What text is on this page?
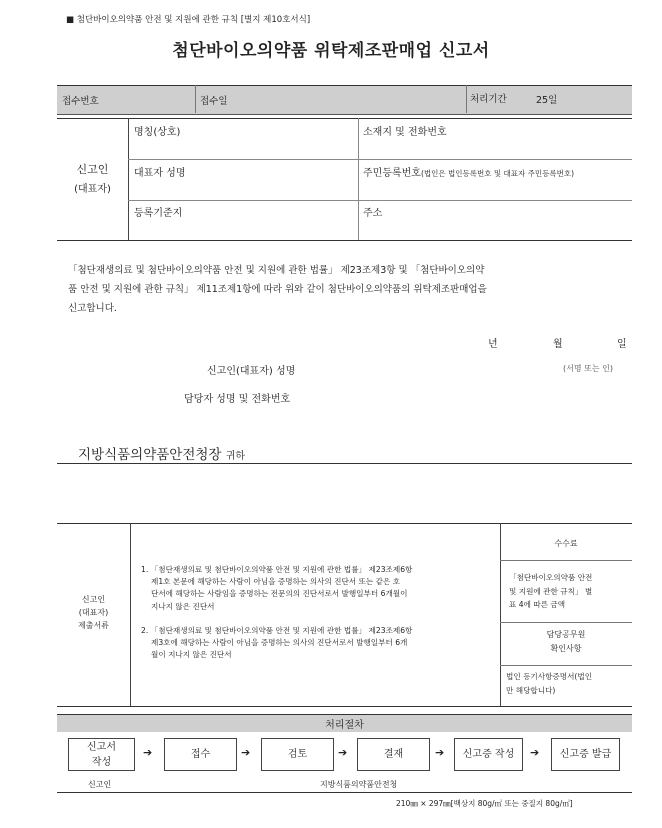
■ 첨단바이오의약품 안전 및 지원에 관한 규칙 [별지 제10호서식]
첨단바이오의약품 위탁제조판매업 신고서
접수번호	접수일	처리기간	25일
신고인
(대표자)
명칭(상호)	소재지 및 전화번호
대표자 성명	주민등록번호(법인은 법인등록번호 및 대표자 주민등록번호)
등록기준지	주소
「첨단재생의료 및 첨단바이오의약품 안전 및 지원에 관한 법률」 제23조제3항 및 「첨단바이오의약
품 안전 및 지원에 관한 규칙」 제11조제1항에 따라 위와 같이 첨단바이오의약품의 위탁제조판매업을
신고합니다.
년	월	일
신고인(대표자) 성명	(서명 또는 인)
담당자 성명 및 전화번호
지방식품의약품안전청장 귀하
신고인
(대표자)
제출서류
1. 「첨단재생의료 및 첨단바이오의약품 안전 및 지원에 관한 법률」 제23조제6항
제1호 본문에 해당하는 사람이 아님을 증명하는 의사의 진단서 또는 같은 호
단서에 해당하는 사람임을 증명하는 전문의의 진단서로서 발행일부터 6개월이
지나지 않은 진단서
2. 「첨단재생의료 및 첨단바이오의약품 안전 및 지원에 관한 법률」 제23조제6항
제3호에 해당하는 사람이 아님을 증명하는 의사의 진단서로서 발행일부터 6개
월이 지나지 않은 진단서
수수료
「첨단바이오의약품 안전
및 지원에 관한 규칙」 별
표 4에 따른 금액
담당공무원
확인사항
법인 등기사항증명서(법인
만 해당합니다)
처리절차
신고서
작성
➔	접수	➔	검토	➔	결재	➔	신고증 작성	➔	신고증 발급
신고인	지방식품의약품안전청
210㎜ × 297㎜[백상지 80g/㎡ 또는 중질지 80g/㎡]
